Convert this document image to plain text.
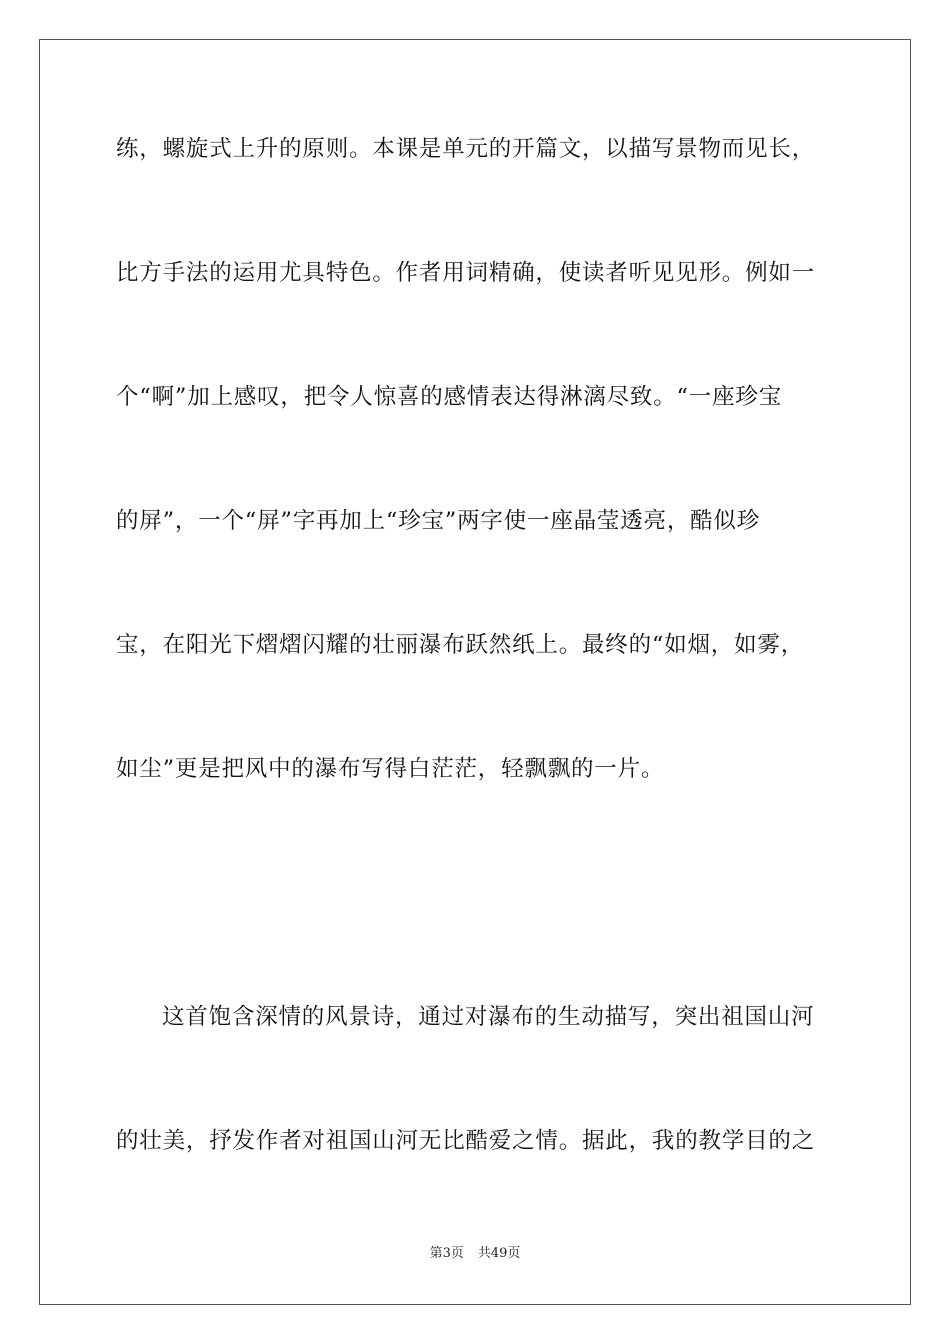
练，螺旋式上升的原则。本课是单元的开篇文，以描写景物而见长，
比方手法的运用尤具特色。作者用词精确，使读者听见见形。例如一
个“啊”加上感叹，把令人惊喜的感情表达得淋漓尽致。“一座珍宝
的屏”，一个“屏”字再加上“珍宝”两字使一座晶莹透亮，酷似珍
宝，在阳光下熠熠闪耀的壮丽瀑布跃然纸上。最终的“如烟，如雾，
如尘”更是把风中的瀑布写得白茫茫，轻飘飘的一片。
这首饱含深情的风景诗，通过对瀑布的生动描写，突出祖国山河
的壮美，抒发作者对祖国山河无比酷爱之情。据此，我的教学目的之
第3页 共49页
